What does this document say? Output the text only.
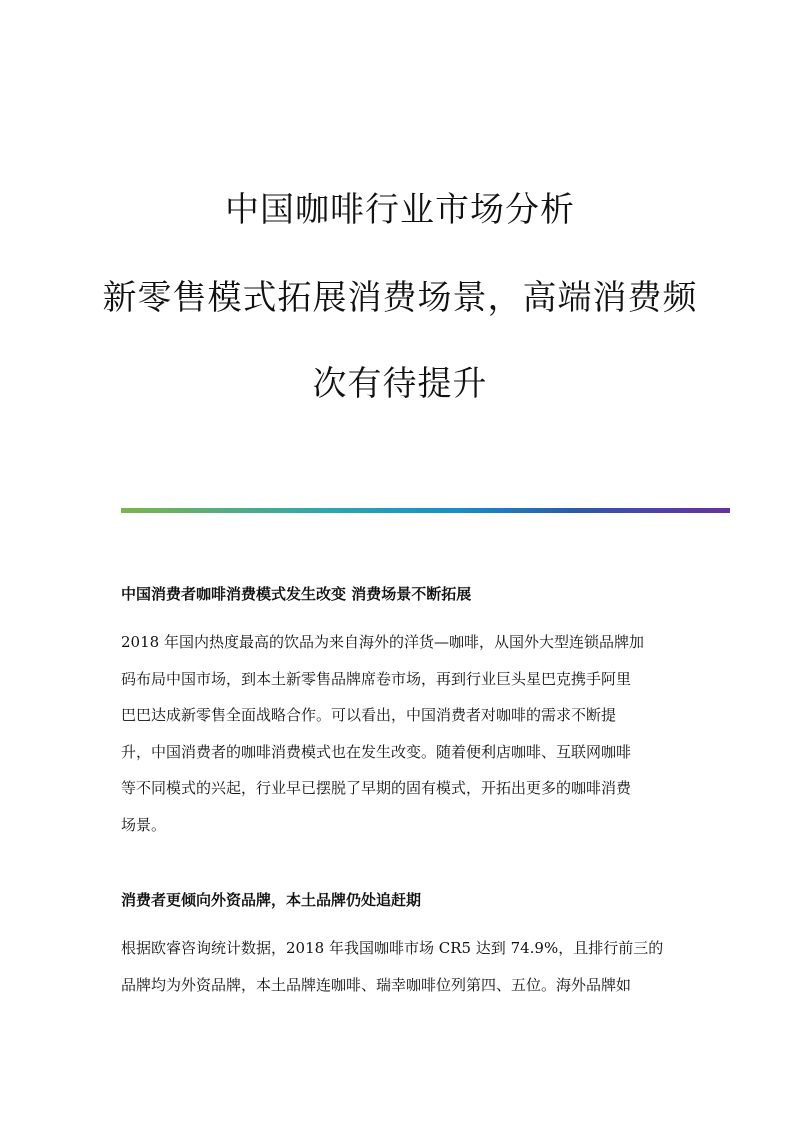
中国咖啡行业市场分析
新零售模式拓展消费场景，高端消费频
次有待提升
中国消费者咖啡消费模式发生改变 消费场景不断拓展
2018 年国内热度最高的饮品为来自海外的洋货—咖啡，从国外大型连锁品牌加
码布局中国市场，到本土新零售品牌席卷市场，再到行业巨头星巴克携手阿里
巴巴达成新零售全面战略合作。可以看出，中国消费者对咖啡的需求不断提
升，中国消费者的咖啡消费模式也在发生改变。随着便利店咖啡、互联网咖啡
等不同模式的兴起，行业早已摆脱了早期的固有模式，开拓出更多的咖啡消费
场景。
消费者更倾向外资品牌，本土品牌仍处追赶期
根据欧睿咨询统计数据，2018 年我国咖啡市场 CR5 达到 74.9%，且排行前三的
品牌均为外资品牌，本土品牌连咖啡、瑞幸咖啡位列第四、五位。海外品牌如
